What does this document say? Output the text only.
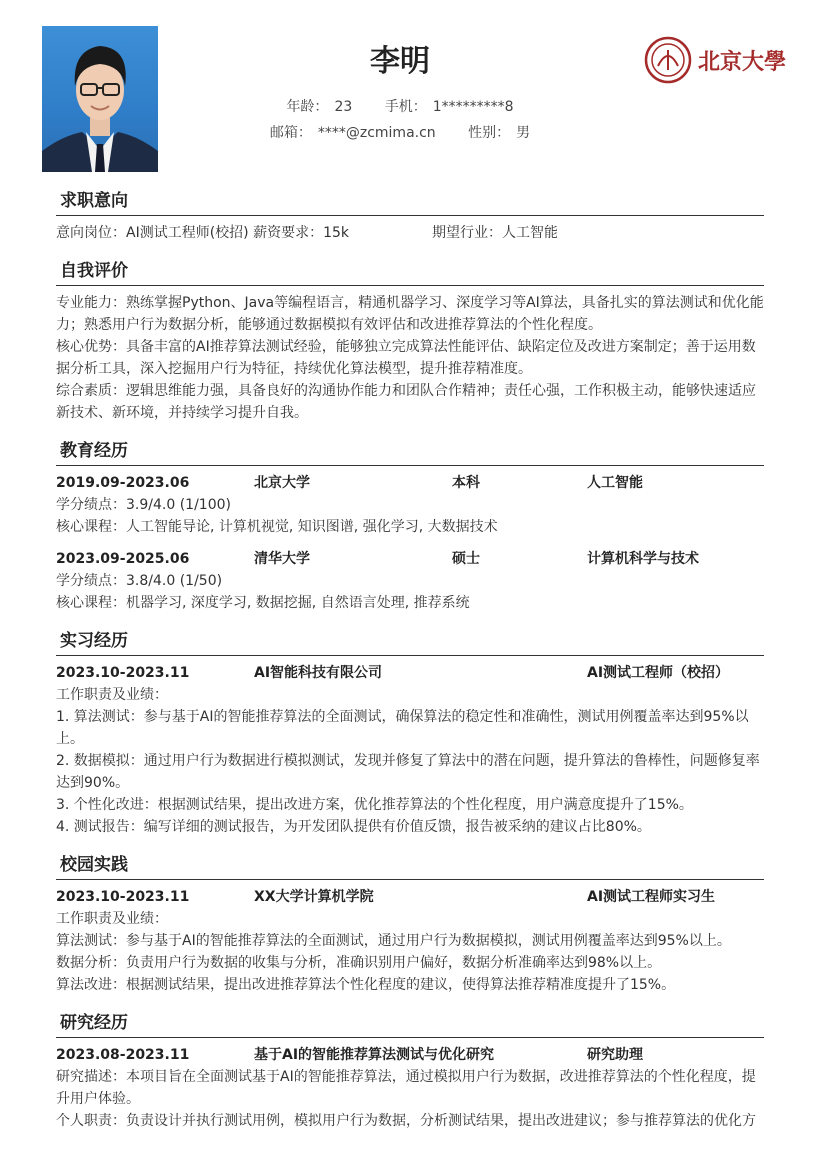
李明
年龄： 23 手机： 1*********8
邮箱： ****@zcmima.cn 性别： 男
北京大學
求职意向
意向岗位：AI测试工程师(校招) 薪资要求：15k	期望行业：人工智能
自我评价
专业能力：熟练掌握Python、Java等编程语言，精通机器学习、深度学习等AI算法，具备扎实的算法测试和优化能力；熟悉用户行为数据分析，能够通过数据模拟有效评估和改进推荐算法的个性化程度。
核心优势：具备丰富的AI推荐算法测试经验，能够独立完成算法性能评估、缺陷定位及改进方案制定；善于运用数据分析工具，深入挖掘用户行为特征，持续优化算法模型，提升推荐精准度。
综合素质：逻辑思维能力强，具备良好的沟通协作能力和团队合作精神；责任心强，工作积极主动，能够快速适应新技术、新环境，并持续学习提升自我。
教育经历
2019.09-2023.06	北京大学	本科	人工智能
学分绩点：3.9/4.0 (1/100)
核心课程：人工智能导论, 计算机视觉, 知识图谱, 强化学习, 大数据技术
2023.09-2025.06	清华大学	硕士	计算机科学与技术
学分绩点：3.8/4.0 (1/50)
核心课程：机器学习, 深度学习, 数据挖掘, 自然语言处理, 推荐系统
实习经历
2023.10-2023.11	AI智能科技有限公司	AI测试工程师（校招）
工作职责及业绩：
1. 算法测试：参与基于AI的智能推荐算法的全面测试，确保算法的稳定性和准确性，测试用例覆盖率达到95%以上。
2. 数据模拟：通过用户行为数据进行模拟测试，发现并修复了算法中的潜在问题，提升算法的鲁棒性，问题修复率达到90%。
3. 个性化改进：根据测试结果，提出改进方案，优化推荐算法的个性化程度，用户满意度提升了15%。
4. 测试报告：编写详细的测试报告，为开发团队提供有价值反馈，报告被采纳的建议占比80%。
校园实践
2023.10-2023.11	XX大学计算机学院	AI测试工程师实习生
工作职责及业绩：
算法测试：参与基于AI的智能推荐算法的全面测试，通过用户行为数据模拟，测试用例覆盖率达到95%以上。
数据分析：负责用户行为数据的收集与分析，准确识别用户偏好，数据分析准确率达到98%以上。
算法改进：根据测试结果，提出改进推荐算法个性化程度的建议，使得算法推荐精准度提升了15%。
研究经历
2023.08-2023.11	基于AI的智能推荐算法测试与优化研究	研究助理
研究描述：本项目旨在全面测试基于AI的智能推荐算法，通过模拟用户行为数据，改进推荐算法的个性化程度，提升用户体验。
个人职责：负责设计并执行测试用例，模拟用户行为数据，分析测试结果，提出改进建议；参与推荐算法的优化方
